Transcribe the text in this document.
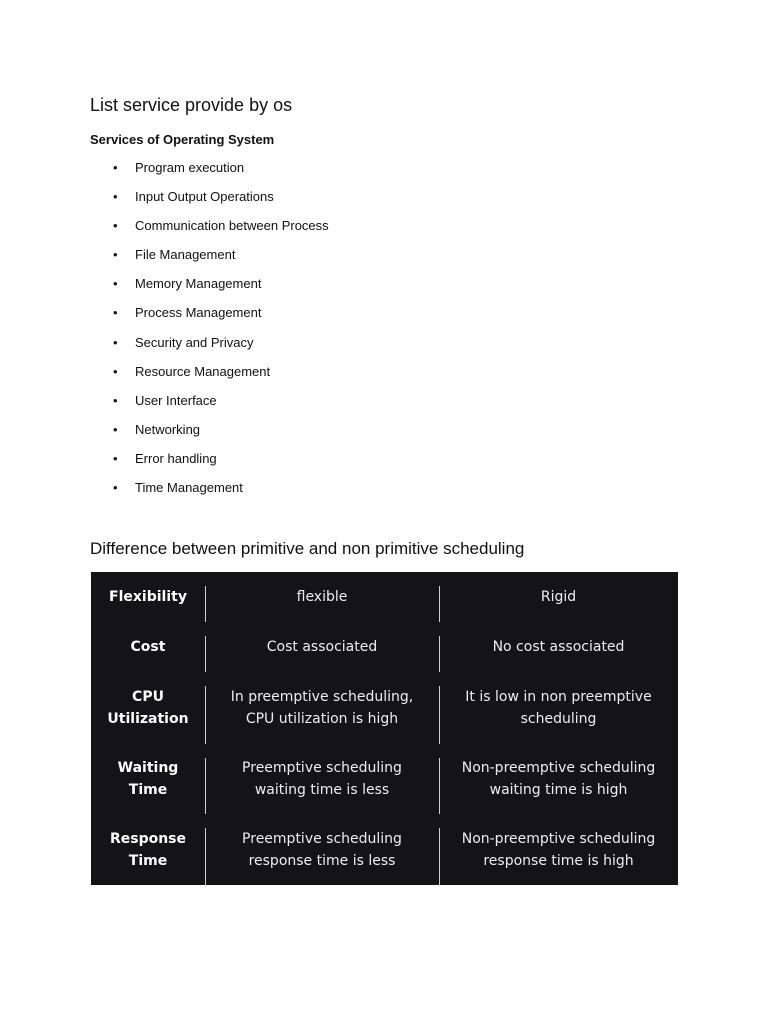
List service provide by os
Services of Operating System
• Program execution
• Input Output Operations
• Communication between Process
• File Management
• Memory Management
• Process Management
• Security and Privacy
• Resource Management
• User Interface
• Networking
• Error handling
• Time Management
Difference between primitive and non primitive scheduling
Flexibility	flexible	Rigid
Cost	Cost associated	No cost associated
CPU Utilization	In preemptive scheduling, CPU utilization is high	It is low in non preemptive scheduling
Waiting Time	Preemptive scheduling waiting time is less	Non-preemptive scheduling waiting time is high
Response Time	Preemptive scheduling response time is less	Non-preemptive scheduling response time is high
